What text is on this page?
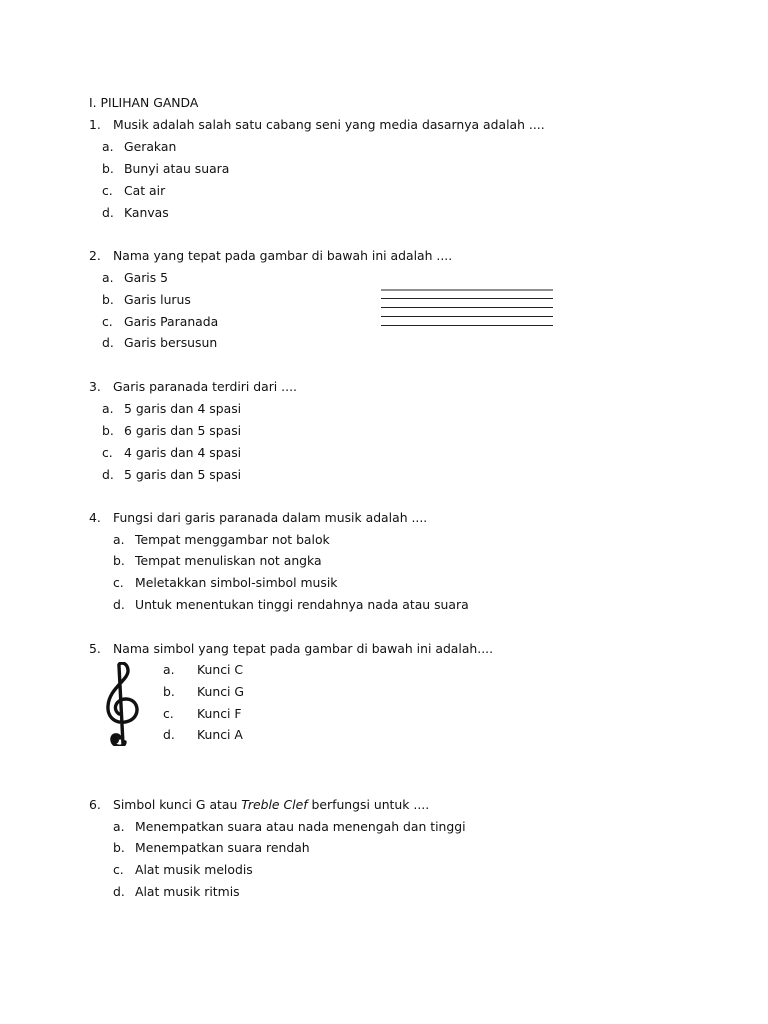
I. PILIHAN GANDA
1. Musik adalah salah satu cabang seni yang media dasarnya adalah ....
a. Gerakan
b. Bunyi atau suara
c. Cat air
d. Kanvas
2. Nama yang tepat pada gambar di bawah ini adalah ....
a. Garis 5
b. Garis lurus
c. Garis Paranada
d. Garis bersusun
3. Garis paranada terdiri dari ....
a. 5 garis dan 4 spasi
b. 6 garis dan 5 spasi
c. 4 garis dan 4 spasi
d. 5 garis dan 5 spasi
4. Fungsi dari garis paranada dalam musik adalah ....
a. Tempat menggambar not balok
b. Tempat menuliskan not angka
c. Meletakkan simbol-simbol musik
d. Untuk menentukan tinggi rendahnya nada atau suara
5. Nama simbol yang tepat pada gambar di bawah ini adalah....
a. Kunci C
b. Kunci G
c. Kunci F
d. Kunci A
6. Simbol kunci G atau Treble Clef berfungsi untuk ....
a. Menempatkan suara atau nada menengah dan tinggi
b. Menempatkan suara rendah
c. Alat musik melodis
d. Alat musik ritmis
